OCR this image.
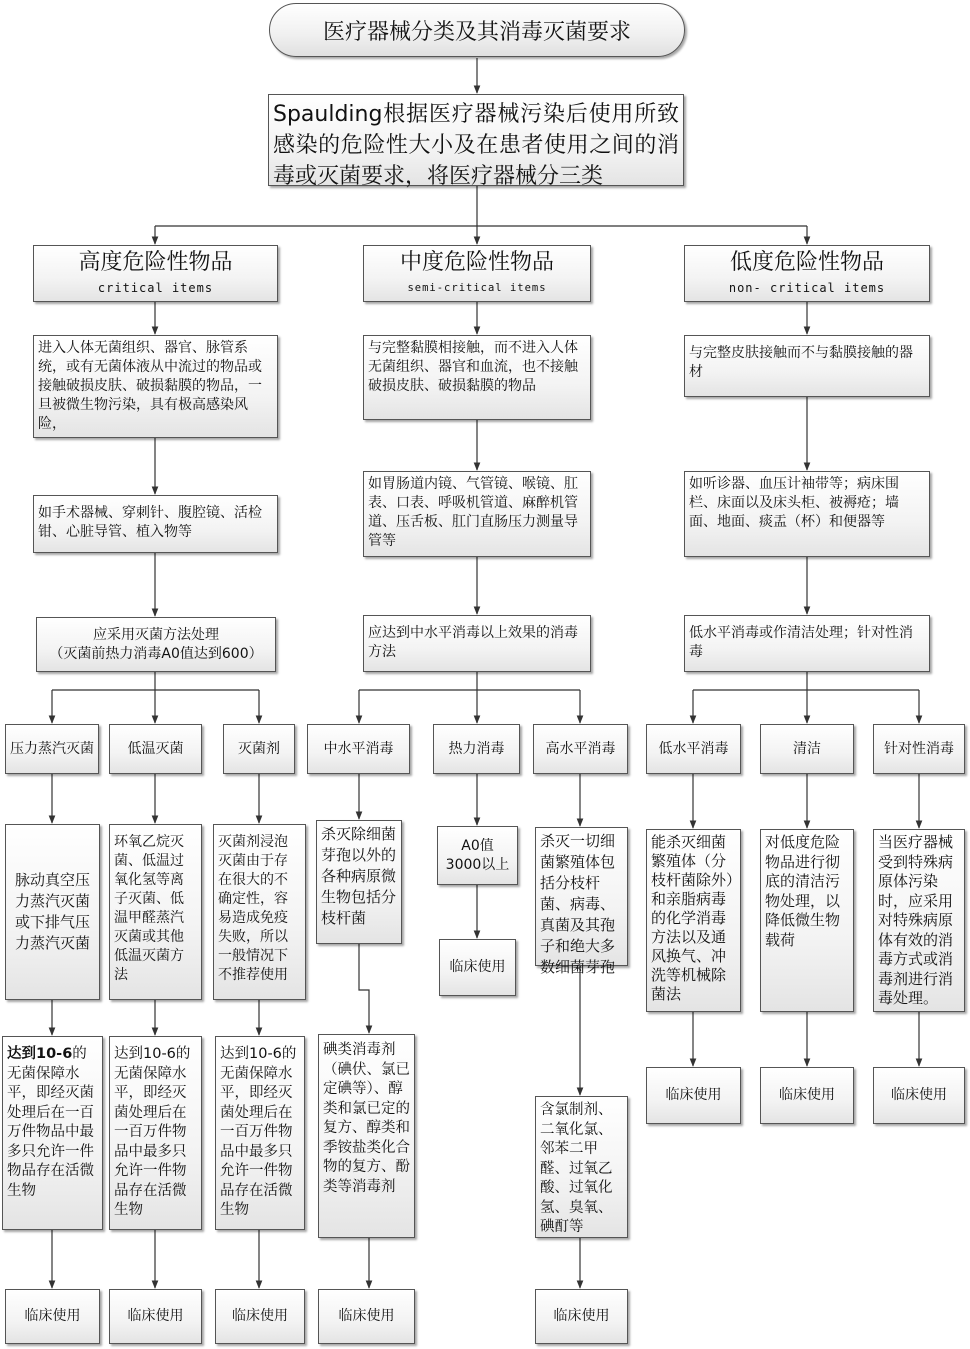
医疗器械分类及其消毒灭菌要求
Spaulding根据医疗器械污染后使用所致感染的危险性大小及在患者使用之间的消毒或灭菌要求，将医疗器械分三类
高度危险性物品
critical items
中度危险性物品
semi-critical items
低度危险性物品
non- critical items
进入人体无菌组织、器官、脉管系统，或有无菌体液从中流过的物品或接触破损皮肤、破损黏膜的物品，一旦被微生物污染，具有极高感染风险，
与完整黏膜相接触，而不进入人体无菌组织、器官和血流，也不接触破损皮肤、破损黏膜的物品
与完整皮肤接触而不与黏膜接触的器材
如手术器械、穿刺针、腹腔镜、活检钳、心脏导管、植入物等
如胃肠道内镜、气管镜、喉镜、肛表、口表、呼吸机管道、麻醉机管道、压舌板、肛门直肠压力测量导管等
如听诊器、血压计袖带等；病床围栏、床面以及床头柜、被褥疮；墙面、地面、痰盂（杯）和便器等
应采用灭菌方法处理
（灭菌前热力消毒A0值达到600）
应达到中水平消毒以上效果的消毒方法
低水平消毒或作清洁处理；针对性消毒
压力蒸汽灭菌	低温灭菌	灭菌剂	中水平消毒	热力消毒	高水平消毒	低水平消毒	清洁	针对性消毒
脉动真空压力蒸汽灭菌或下排气压力蒸汽灭菌
环氧乙烷灭菌、低温过氧化氢等离子灭菌、低温甲醛蒸汽灭菌或其他低温灭菌方法
灭菌剂浸泡灭菌由于存在很大的不确定性，容易造成免疫失败，所以一般情况下不推荐使用
杀灭除细菌芽孢以外的各种病原微生物包括分枝杆菌
A0值
3000以上
杀灭一切细菌繁殖体包括分枝杆菌、病毒、真菌及其孢子和绝大多数细菌芽孢
能杀灭细菌繁殖体（分枝杆菌除外）和亲脂病毒的化学消毒方法以及通风换气、冲洗等机械除菌法
对低度危险物品进行彻底的清洁污物处理，以降低微生物载荷
当医疗器械受到特殊病原体污染时，应采用对特殊病原体有效的消毒方式或消毒剂进行消毒处理。
达到10-6的无菌保障水平，即经灭菌处理后在一百万件物品中最多只允许一件物品存在活微生物
达到10-6的无菌保障水平，即经灭菌处理后在一百万件物品中最多只允许一件物品存在活微生物
达到10-6的无菌保障水平，即经灭菌处理后在一百万件物品中最多只允许一件物品存在活微生物
碘类消毒剂（碘伏、氯已定碘等）、醇类和氯已定的复方、醇类和季铵盐类化合物的复方、酚类等消毒剂
含氯制剂、二氧化氯、邻苯二甲醛、过氧乙酸、过氧化氢、臭氧、碘酊等
临床使用
临床使用	临床使用	临床使用
临床使用	临床使用	临床使用	临床使用	临床使用
